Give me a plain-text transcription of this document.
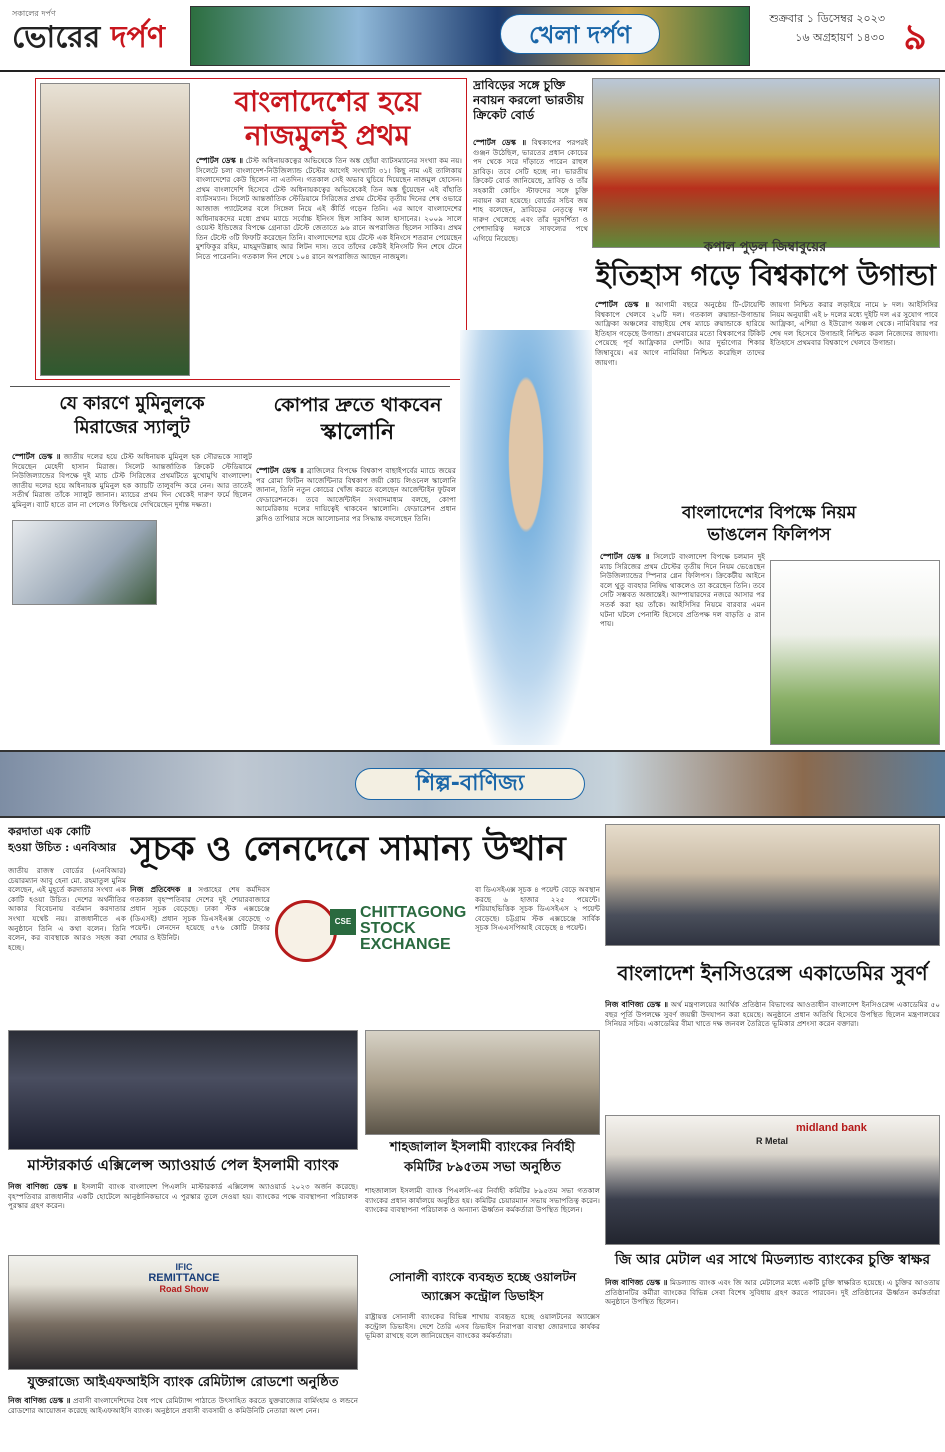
সকালের দর্পণ
ভোরের দর্পণ	খেলা দর্পণ
শুক্রবার ১ ডিসেম্বর ২০২৩
১৬ অগ্রহায়ণ ১৪৩০ ৯
বাংলাদেশের হয়ে
নাজমুলই প্রথম
স্পোর্টস ডেস্ক ॥ টেস্ট অধিনায়কত্বের অভিষেকে তিন অঙ্ক ছোঁয়া ব্যাটসম্যানের সংখ্যা কম নয়। সিলেটে চলা বাংলাদেশ-নিউজিল্যান্ড টেস্টের আগেই সংখ্যাটা ৩১। কিছু নাম এই তালিকায় বাংলাদেশের কেউ ছিলেন না এতদিন। গতকাল সেই অভাব ঘুচিয়ে দিয়েছেন নাজমুল হোসেন। প্রথম বাংলাদেশি হিসেবে টেস্ট অধিনায়কত্বের অভিষেকেই তিন অঙ্ক ছুঁয়েছেন এই বাঁহাতি ব্যাটসম্যান। সিলেট আন্তর্জাতিক স্টেডিয়ামে সিরিজের প্রথম টেস্টের তৃতীয় দিনের শেষ ওভারে আজাজ প্যাটেলের বলে সিঙ্গেল নিয়ে এই কীর্তি গড়েন তিনি। এর আগে বাংলাদেশের অধিনায়কদের মধ্যে প্রথম ম্যাচে সর্বোচ্চ ইনিংস ছিল সাকিব আল হাসানের। ২০০৯ সালে ওয়েস্ট ইন্ডিজের বিপক্ষে গ্রেনাডা টেস্টে জেতাতে ৯৬ রানে অপরাজিত ছিলেন সাকিব। প্রথম তিন টেস্টে ৩টি ফিফটি করেছেন তিনি। বাংলাদেশের হয়ে টেস্টে এক ইনিংসে শতরান পেয়েছেন মুশফিকুর রহিম, মাহমুদউল্লাহ আর লিটন দাস। তবে তাঁদের কেউই ইনিংসটি দিন শেষে টেনে নিতে পারেননি। গতকাল দিন শেষে ১০৪ রানে অপরাজিত আছেন নাজমুল।
দ্রাবিড়ের সঙ্গে চুক্তি নবায়ন করলো ভারতীয় ক্রিকেট বোর্ড
স্পোর্টস ডেস্ক ॥ বিশ্বকাপের পরপরই গুঞ্জন উঠেছিল, ভারতের প্রধান কোচের পদ থেকে সরে দাঁড়াতে পারেন রাহুল দ্রাবিড়। তবে সেটি হচ্ছে না। ভারতীয় ক্রিকেট বোর্ড জানিয়েছে, দ্রাবিড় ও তাঁর সহকারী কোচিং স্টাফদের সঙ্গে চুক্তি নবায়ন করা হয়েছে। বোর্ডের সচিব জয় শাহ বলেছেন, দ্রাবিড়ের নেতৃত্বে দল দারুণ খেলেছে এবং তাঁর দূরদর্শিতা ও পেশাদারিত্ব দলকে সাফল্যের পথে এগিয়ে নিয়েছে।
কপাল পুড়ল জিম্বাবুয়ের
ইতিহাস গড়ে বিশ্বকাপে উগান্ডা
স্পোর্টস ডেস্ক ॥ আগামী বছরে অনুষ্ঠেয় টি-টোয়েন্টি বিশ্বকাপে খেলবে ২০টি দল। গতকাল রুয়ান্ডা-উগান্ডায় আফ্রিকা অঞ্চলের বাছাইয়ে শেষ ম্যাচে রুয়ান্ডাকে হারিয়ে ইতিহাস গড়েছে উগান্ডা। প্রথমবারের মতো বিশ্বকাপের টিকিট পেয়েছে পূর্ব আফ্রিকার দেশটি। আর দুর্ভাগ্যের শিকার জিম্বাবুয়ে। এর আগে নামিবিয়া নিশ্চিত করেছিল তাদের জায়গা।
জায়গা নিশ্চিত করার লড়াইয়ে নামে ৮ দল। আইসিসির নিয়ম অনুযায়ী এই ৮ দলের মধ্যে দুইটি দল এর সুযোগ পাবে আফ্রিকা, এশিয়া ও ইউরোপ অঞ্চল থেকে। নামিবিয়ার পর শেষ দল হিসেবে উগান্ডাই নিশ্চিত করল নিজেদের জায়গা। ইতিহাসে প্রথমবার বিশ্বকাপে খেলবে উগান্ডা।
যে কারণে মুমিনুলকে
মিরাজের স্যালুট
স্পোর্টস ডেস্ক ॥ জাতীয় দলের হয়ে টেস্ট অধিনায়ক মুমিনুল হক সৌরভকে স্যালুট দিয়েছেন মেহেদী হাসান মিরাজ। সিলেট আন্তর্জাতিক ক্রিকেট স্টেডিয়ামে নিউজিল্যান্ডের বিপক্ষে দুই ম্যাচ টেস্ট সিরিজের প্রথমটিতে মুখোমুখি বাংলাদেশ। জাতীয় দলের হয়ে অধিনায়ক মুমিনুল হক ক্যাচটি তালুবন্দি করে নেন। আর তাতেই সতীর্থ মিরাজ তাঁকে স্যালুট জানান। ম্যাচের প্রথম দিন থেকেই দারুণ ফর্মে ছিলেন মুমিনুল। ব্যাট হাতে রান না পেলেও ফিল্ডিংয়ে দেখিয়েছেন দুর্দান্ত দক্ষতা।
কোপার দ্রুতে থাকবেন
স্কালোনি
স্পোর্টস ডেস্ক ॥ ব্রাজিলের বিপক্ষে বিশ্বকাপ বাছাইপর্বের ম্যাচে জয়ের পর রোমা ফিটিন আর্জেন্টিনার বিশ্বকাপ জয়ী কোচ লিওনেল স্কালোনি জানান, তিনি নতুন কোচের খোঁজ করতে বলেছেন আর্জেন্টাইন ফুটবল ফেডারেশনকে। তবে আর্জেন্টাইন সংবাদমাধ্যম বলছে, কোপা আমেরিকায় দলের দায়িত্বেই থাকবেন স্কালোনি। ফেডারেশন প্রধান ক্লদিও তাপিয়ার সঙ্গে আলোচনার পর সিদ্ধান্ত বদলেছেন তিনি।	বাংলাদেশের বিপক্ষে নিয়ম
ভাঙলেন ফিলিপস
স্পোর্টস ডেস্ক ॥ সিলেটে বাংলাদেশ বিপক্ষে চলমান দুই ম্যাচ সিরিজের প্রথম টেস্টের তৃতীয় দিনে নিয়ম ভেঙেছেন নিউজিল্যান্ডের স্পিনার গ্লেন ফিলিপস। ক্রিকেটীয় আইনে বলে থুতু ব্যবহার নিষিদ্ধ থাকলেও তা করেছেন তিনি। তবে সেটি সম্ভবত অজান্তেই। আম্পায়ারদের নজরে আসার পর সতর্ক করা হয় তাঁকে। আইসিসির নিয়মে বারবার এমন ঘটনা ঘটলে পেনাল্টি হিসেবে প্রতিপক্ষ দল বাড়তি ৫ রান পায়।
শিল্প-বাণিজ্য
করদাতা এক কোটি
হওয়া উচিত : এনবিআর
জাতীয় রাজস্ব বোর্ডের (এনবিআর) চেয়ারম্যান আবু হেনা মো. রহমাতুল মুনিম বলেছেন, এই মুহূর্তে করদাতার সংখ্যা এক কোটি হওয়া উচিত। দেশের অর্থনীতির আকার বিবেচনায় বর্তমান করদাতার সংখ্যা যথেষ্ট নয়। রাজধানীতে এক অনুষ্ঠানে তিনি এ কথা বলেন। তিনি বলেন, কর ব্যবস্থাকে আরও সহজ করা হচ্ছে।
সূচক ও লেনদেনে সামান্য উত্থান
CSE
CHITTAGONG
STOCK
EXCHANGE
নিজ প্রতিবেদক ॥ সপ্তাহের শেষ কর্মদিবস গতকাল বৃহস্পতিবার দেশের দুই শেয়ারবাজারে প্রধান সূচক বেড়েছে। ঢাকা স্টক এক্সচেঞ্জে (ডিএসই) প্রধান সূচক ডিএসইএক্স বেড়েছে ৩ পয়েন্ট। লেনদেন হয়েছে ৫৭৬ কোটি টাকার শেয়ার ও ইউনিট।
বা ডিএসইএক্স সূচক ৪ পয়েন্ট বেড়ে অবস্থান করছে ৬ হাজার ২২৫ পয়েন্টে। শরিয়াহভিত্তিক সূচক ডিএসইএস ২ পয়েন্ট বেড়েছে। চট্টগ্রাম স্টক এক্সচেঞ্জে সার্বিক সূচক সিএএসপিআই বেড়েছে ৪ পয়েন্ট।
মাস্টারকার্ড এক্সিলেন্স অ্যাওয়ার্ড পেল ইসলামী ব্যাংক
নিজ বাণিজ্য ডেস্ক ॥ ইসলামী ব্যাংক বাংলাদেশ পিএলসি মাস্টারকার্ড এক্সিলেন্স অ্যাওয়ার্ড ২০২৩ অর্জন করেছে। বৃহস্পতিবার রাজধানীর একটি হোটেলে আনুষ্ঠানিকভাবে এ পুরস্কার তুলে দেওয়া হয়। ব্যাংকের পক্ষে ব্যবস্থাপনা পরিচালক পুরস্কার গ্রহণ করেন।
শাহজালাল ইসলামী ব্যাংকের নির্বাহী
কমিটির ৮৯৫তম সভা অনুষ্ঠিত
শাহজালাল ইসলামী ব্যাংক পিএলসি-এর নির্বাহী কমিটির ৮৯৫তম সভা গতকাল ব্যাংকের প্রধান কার্যালয়ে অনুষ্ঠিত হয়। কমিটির চেয়ারম্যান সভায় সভাপতিত্ব করেন। ব্যাংকের ব্যবস্থাপনা পরিচালক ও অন্যান্য ঊর্ধ্বতন কর্মকর্তারা উপস্থিত ছিলেন।
বাংলাদেশ ইনসিওরেন্স একাডেমির সুবর্ণ
নিজ বাণিজ্য ডেস্ক ॥ অর্থ মন্ত্রণালয়ের আর্থিক প্রতিষ্ঠান বিভাগের আওতাধীন বাংলাদেশ ইনসিওরেন্স একাডেমির ৫০ বছর পূর্তি উপলক্ষে সুবর্ণ জয়ন্তী উদযাপন করা হয়েছে। অনুষ্ঠানে প্রধান অতিথি হিসেবে উপস্থিত ছিলেন মন্ত্রণালয়ের সিনিয়র সচিব। একাডেমির বীমা খাতে দক্ষ জনবল তৈরিতে ভূমিকার প্রশংসা করেন বক্তারা।
IFIC
REMITTANCE
Road Show
যুক্তরাজ্যে আইএফআইসি ব্যাংক রেমিট্যান্স রোডশো অনুষ্ঠিত
নিজ বাণিজ্য ডেস্ক ॥ প্রবাসী বাংলাদেশিদের বৈধ পথে রেমিট্যান্স পাঠাতে উৎসাহিত করতে যুক্তরাজ্যের বার্মিংহাম ও লন্ডনে রোডশোর আয়োজন করেছে আইএফআইসি ব্যাংক। অনুষ্ঠানে প্রবাসী ব্যবসায়ী ও কমিউনিটি নেতারা অংশ নেন।
সোনালী ব্যাংকে ব্যবহৃত হচ্ছে ওয়ালটন
অ্যাক্সেস কন্ট্রোল ডিভাইস
রাষ্ট্রায়ত্ত সোনালী ব্যাংকের বিভিন্ন শাখায় ব্যবহৃত হচ্ছে ওয়ালটনের অ্যাক্সেস কন্ট্রোল ডিভাইস। দেশে তৈরি এসব ডিভাইস নিরাপত্তা ব্যবস্থা জোরদারে কার্যকর ভূমিকা রাখছে বলে জানিয়েছেন ব্যাংকের কর্মকর্তারা।
midland bank
R Metal
জি আর মেটাল এর সাথে মিডল্যান্ড ব্যাংকের চুক্তি স্বাক্ষর
নিজ বাণিজ্য ডেস্ক ॥ মিডল্যান্ড ব্যাংক এবং জি আর মেটালের মধ্যে একটি চুক্তি স্বাক্ষরিত হয়েছে। এ চুক্তির আওতায় প্রতিষ্ঠানটির কর্মীরা ব্যাংকের বিভিন্ন সেবা বিশেষ সুবিধায় গ্রহণ করতে পারবেন। দুই প্রতিষ্ঠানের ঊর্ধ্বতন কর্মকর্তারা অনুষ্ঠানে উপস্থিত ছিলেন।
